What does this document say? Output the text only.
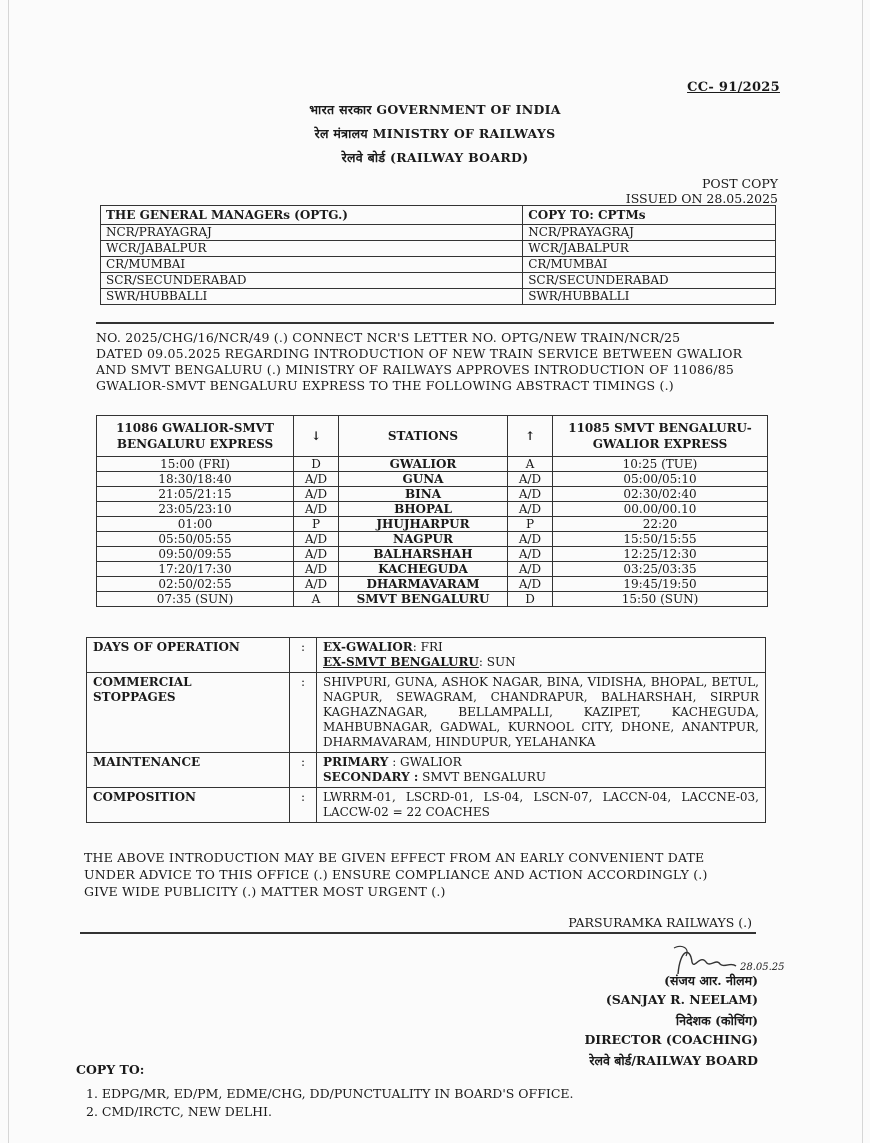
CC- 91/2025
भारत सरकार GOVERNMENT OF INDIA
रेल मंत्रालय MINISTRY OF RAILWAYS
रेलवे बोर्ड (RAILWAY BOARD)
POST COPY
ISSUED ON 28.05.2025
THE GENERAL MANAGERs (OPTG.)	COPY TO: CPTMs
NCR/PRAYAGRAJ	NCR/PRAYAGRAJ
WCR/JABALPUR	WCR/JABALPUR
CR/MUMBAI	CR/MUMBAI
SCR/SECUNDERABAD	SCR/SECUNDERABAD
SWR/HUBBALLI	SWR/HUBBALLI
NO. 2025/CHG/16/NCR/49 (.) CONNECT NCR'S LETTER NO. OPTG/NEW TRAIN/NCR/25
DATED 09.05.2025 REGARDING INTRODUCTION OF NEW TRAIN SERVICE BETWEEN GWALIOR
AND SMVT BENGALURU (.) MINISTRY OF RAILWAYS APPROVES INTRODUCTION OF 11086/85
GWALIOR-SMVT BENGALURU EXPRESS TO THE FOLLOWING ABSTRACT TIMINGS (.)
11086 GWALIOR-SMVT BENGALURU EXPRESS	↓	STATIONS	↑	11085 SMVT BENGALURU-GWALIOR EXPRESS
15:00 (FRI)	D	GWALIOR	A	10:25 (TUE)
18:30/18:40	A/D	GUNA	A/D	05:00/05:10
21:05/21:15	A/D	BINA	A/D	02:30/02:40
23:05/23:10	A/D	BHOPAL	A/D	00.00/00.10
01:00	P	JHUJHARPUR	P	22:20
05:50/05:55	A/D	NAGPUR	A/D	15:50/15:55
09:50/09:55	A/D	BALHARSHAH	A/D	12:25/12:30
17:20/17:30	A/D	KACHEGUDA	A/D	03:25/03:35
02:50/02:55	A/D	DHARMAVARAM	A/D	19:45/19:50
07:35 (SUN)	A	SMVT BENGALURU	D	15:50 (SUN)
DAYS OF OPERATION	:	EX-GWALIOR: FRI
EX-SMVT BENGALURU: SUN

COMMERCIAL
STOPPAGES	:	SHIVPURI, GUNA, ASHOK NAGAR, BINA, VIDISHA, BHOPAL, BETUL, NAGPUR, SEWAGRAM, CHANDRAPUR, BALHARSHAH, SIRPUR KAGHAZNAGAR, BELLAMPALLI, KAZIPET, KACHEGUDA, MAHBUBNAGAR, GADWAL, KURNOOL CITY, DHONE, ANANTPUR, DHARMAVARAM, HINDUPUR, YELAHANKA
MAINTENANCE	:	PRIMARY : GWALIOR
SECONDARY : SMVT BENGALURU

COMPOSITION	:	LWRRM-01, LSCRD-01, LS-04, LSCN-07, LACCN-04, LACCNE-03, LACCW-02 = 22 COACHES
THE ABOVE INTRODUCTION MAY BE GIVEN EFFECT FROM AN EARLY CONVENIENT DATE
UNDER ADVICE TO THIS OFFICE (.) ENSURE COMPLIANCE AND ACTION ACCORDINGLY (.)
GIVE WIDE PUBLICITY (.) MATTER MOST URGENT (.)
PARSURAMKA RAILWAYS (.)
28.05.25
(संजय आर. नीलम)
(SANJAY R. NEELAM)
निदेशक (कोचिंग)
DIRECTOR (COACHING)
रेलवे बोर्ड/RAILWAY BOARD
COPY TO:
1. EDPG/MR, ED/PM, EDME/CHG, DD/PUNCTUALITY IN BOARD'S OFFICE.
2. CMD/IRCTC, NEW DELHI.
